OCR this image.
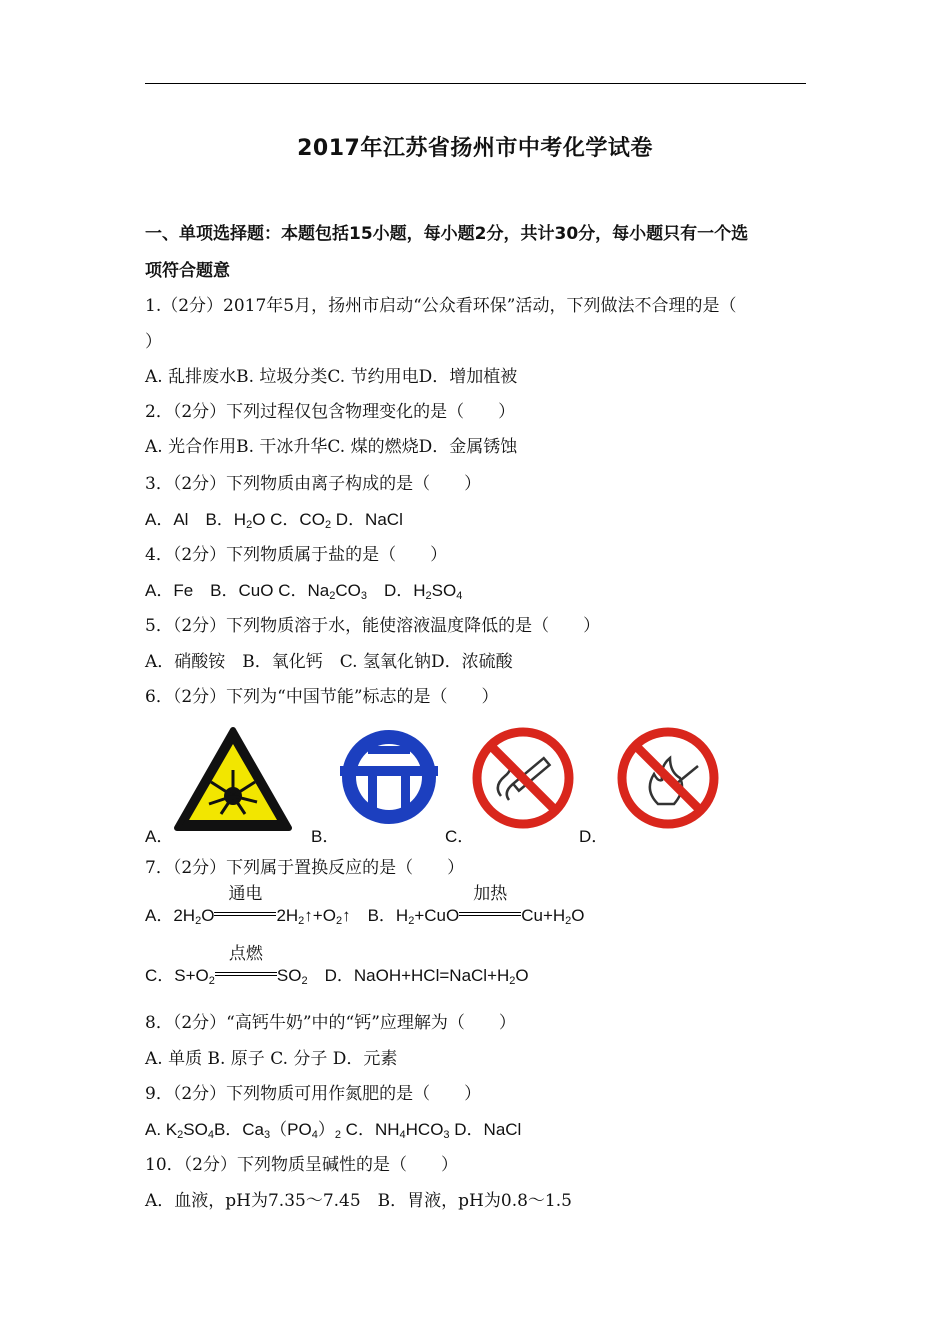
2017年江苏省扬州市中考化学试卷
一、单项选择题：本题包括15小题，每小题2分，共计30分，每小题只有一个选
项符合题意
1.（2分）2017年5月，扬州市启动“公众看环保”活动，下列做法不合理的是（
）
A. 乱排废水B. 垃圾分类C. 节约用电D．增加植被
2．（2分）下列过程仅包含物理变化的是（　　）
A. 光合作用B. 干冰升华C. 煤的燃烧D．金属锈蚀
3．（2分）下列物质由离子构成的是（　　）
A．Al　B．$H_2O$ C．$CO_2$ D．NaCl
4．（2分）下列物质属于盐的是（　　）
A．Fe　B．CuO C．$Na_2CO_3$　D．$H_2SO_4$
5．（2分）下列物质溶于水，能使溶液温度降低的是（　　）
A．硝酸铵　B．氧化钙　C. 氢氧化钠D．浓硫酸
6．（2分）下列为“中国节能”标志的是（　　）
A．	B．	C．	D．
7．（2分）下列属于置换反应的是（　　）
A．$2H_2O$
通电
$2H_2↑+O_2↑$　 B．$H_2+CuO$
加热
$Cu+H_2O$
C．$S+O_2$
点燃
$SO_2$　D．$NaOH+HCl=NaCl+H_2O$
8．（2分）“高钙牛奶”中的“钙”应理解为（　　）
A. 单质 B. 原子 C. 分子 D．元素
9．（2分）下列物质可用作氮肥的是（　　）
A. $K_2SO_4B$．$Ca_3(PO_4)_2$ C．$NH_4HCO_3$ D．NaCl
10．（2分）下列物质呈碱性的是（　　）
A．血液，pH为7.35～7.45　B．胃液，pH为0.8～1.5
